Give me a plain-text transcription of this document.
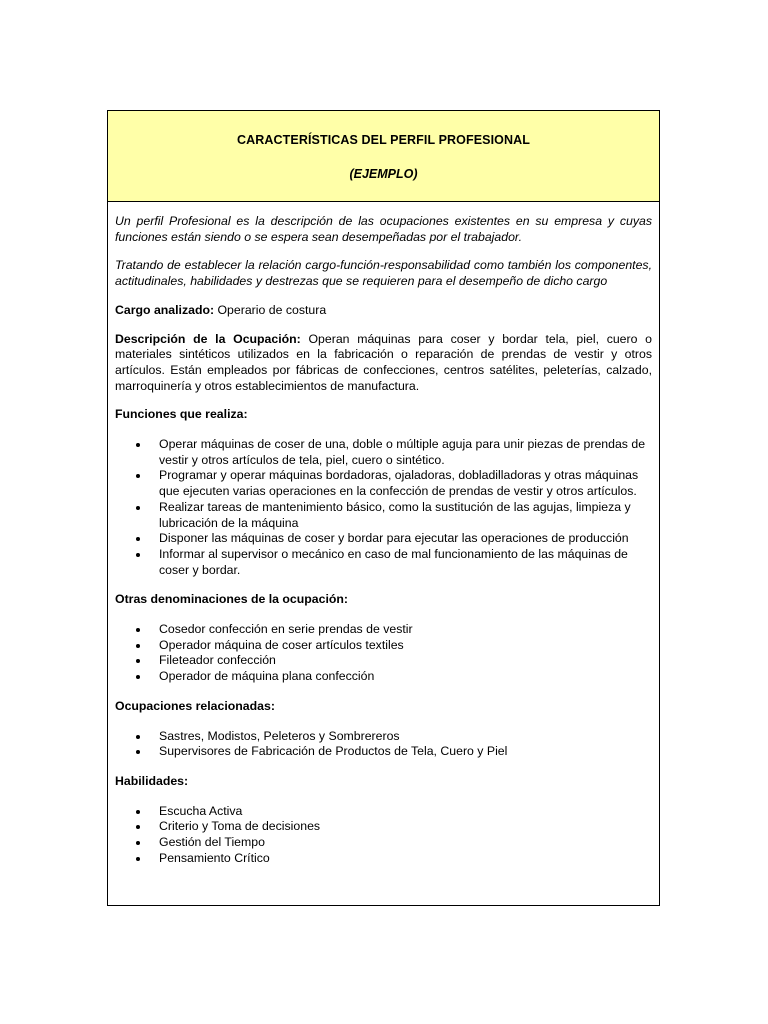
CARACTERÍSTICAS DEL PERFIL PROFESIONAL
(EJEMPLO)

Un perfil Profesional es la descripción de las ocupaciones existentes en su empresa y cuyas funciones están siendo o se espera sean desempeñadas por el trabajador.

Tratando de establecer la relación cargo-función-responsabilidad como también los componentes, actitudinales, habilidades y destrezas que se requieren para el desempeño de dicho cargo

Cargo analizado: Operario de costura

Descripción de la Ocupación: Operan máquinas para coser y bordar tela, piel, cuero o materiales sintéticos utilizados en la fabricación o reparación de prendas de vestir y otros artículos. Están empleados por fábricas de confecciones, centros satélites, peleterías, calzado, marroquinería y otros establecimientos de manufactura.

Funciones que realiza:
Operar máquinas de coser de una, doble o múltiple aguja para unir piezas de prendas de vestir y otros artículos de tela, piel, cuero o sintético.
Programar y operar máquinas bordadoras, ojaladoras, dobladilladoras y otras máquinas que ejecuten varias operaciones en la confección de prendas de vestir y otros artículos.
Realizar tareas de mantenimiento básico, como la sustitución de las agujas, limpieza y lubricación de la máquina
Disponer las máquinas de coser y bordar para ejecutar las operaciones de producción
Informar al supervisor o mecánico en caso de mal funcionamiento de las máquinas de coser y bordar.
Otras denominaciones de la ocupación:
Cosedor confección en serie prendas de vestir
Operador máquina de coser artículos textiles
Fileteador confección
Operador de máquina plana confección
Ocupaciones relacionadas:
Sastres, Modistos, Peleteros y Sombrereros
Supervisores de Fabricación de Productos de Tela, Cuero y Piel
Habilidades:
Escucha Activa
Criterio y Toma de decisiones
Gestión del Tiempo
Pensamiento Crítico
